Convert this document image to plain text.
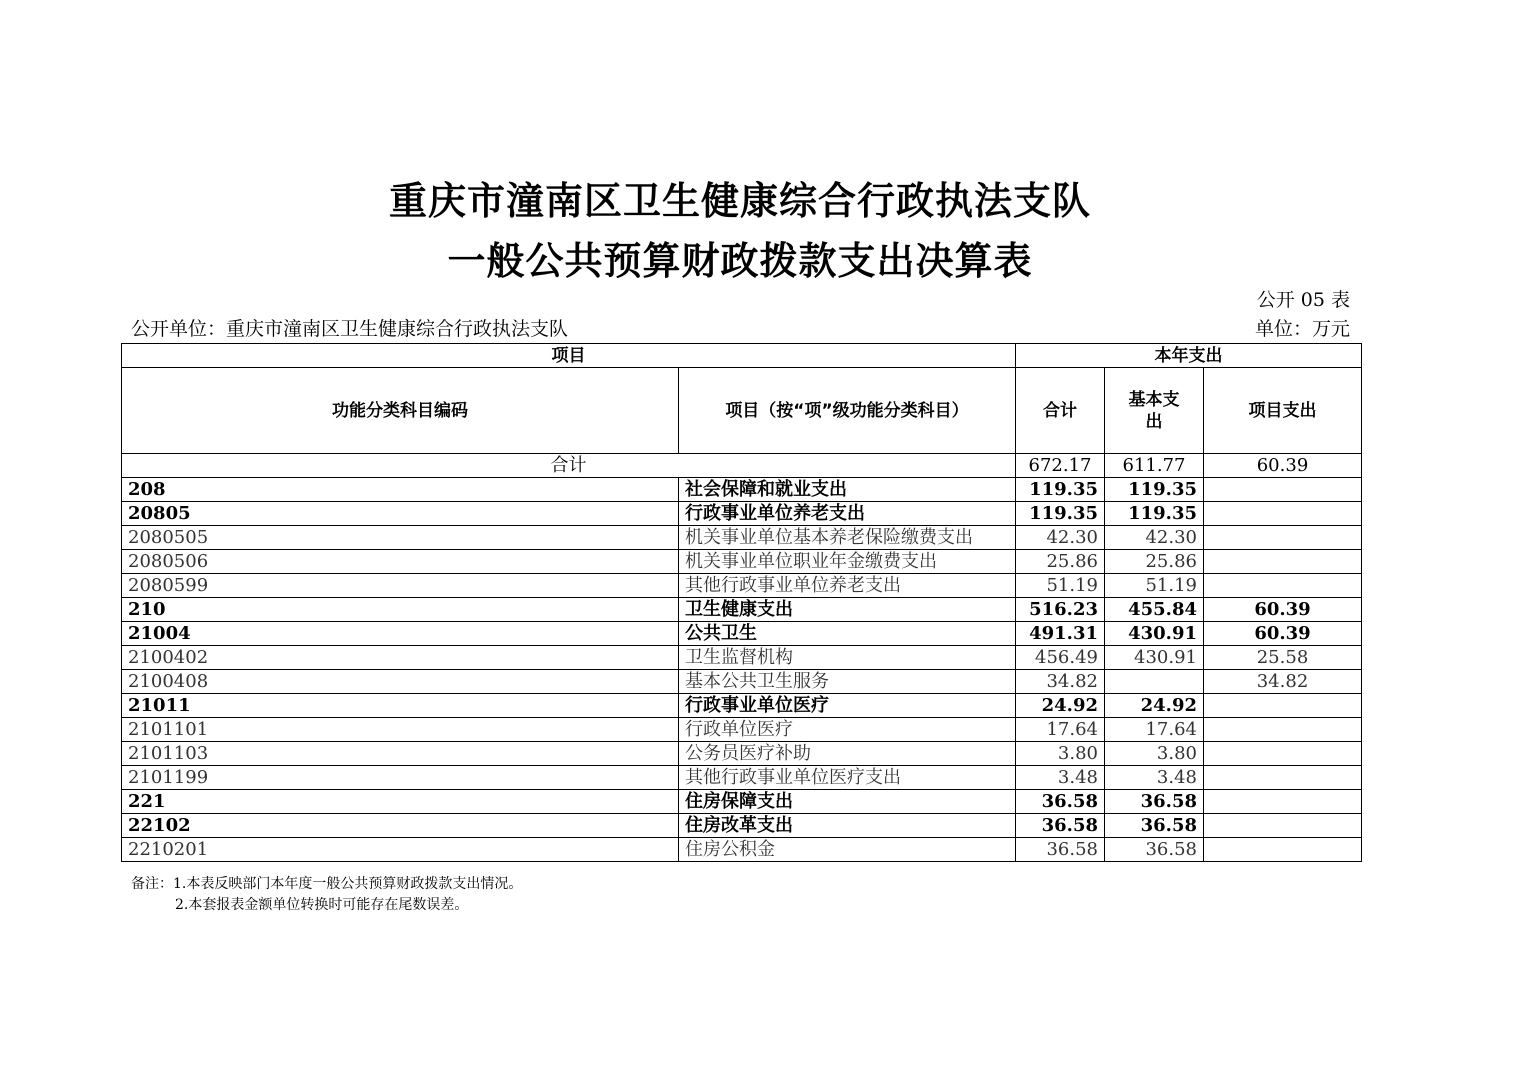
重庆市潼南区卫生健康综合行政执法支队
一般公共预算财政拨款支出决算表
公开 05 表
公开单位：重庆市潼南区卫生健康综合行政执法支队	单位：万元
项目		本年支出		
功能分类科目编码	项目（按“项”级功能分类科目）	合计	基本支出	项目支出
合计		672.17	611.77	60.39
208	社会保障和就业支出	119.35	119.35	
20805	行政事业单位养老支出	119.35	119.35	
2080505	机关事业单位基本养老保险缴费支出	42.30	42.30	
2080506	机关事业单位职业年金缴费支出	25.86	25.86	
2080599	其他行政事业单位养老支出	51.19	51.19	
210	卫生健康支出	516.23	455.84	60.39
21004	公共卫生	491.31	430.91	60.39
2100402	卫生监督机构	456.49	430.91	25.58
2100408	基本公共卫生服务	34.82		34.82
21011	行政事业单位医疗	24.92	24.92	
2101101	行政单位医疗	17.64	17.64	
2101103	公务员医疗补助	3.80	3.80	
2101199	其他行政事业单位医疗支出	3.48	3.48	
221	住房保障支出	36.58	36.58	
22102	住房改革支出	36.58	36.58	
2210201	住房公积金	36.58	36.58	
备注：1.本表反映部门本年度一般公共预算财政拨款支出情况。
2.本套报表金额单位转换时可能存在尾数误差。
